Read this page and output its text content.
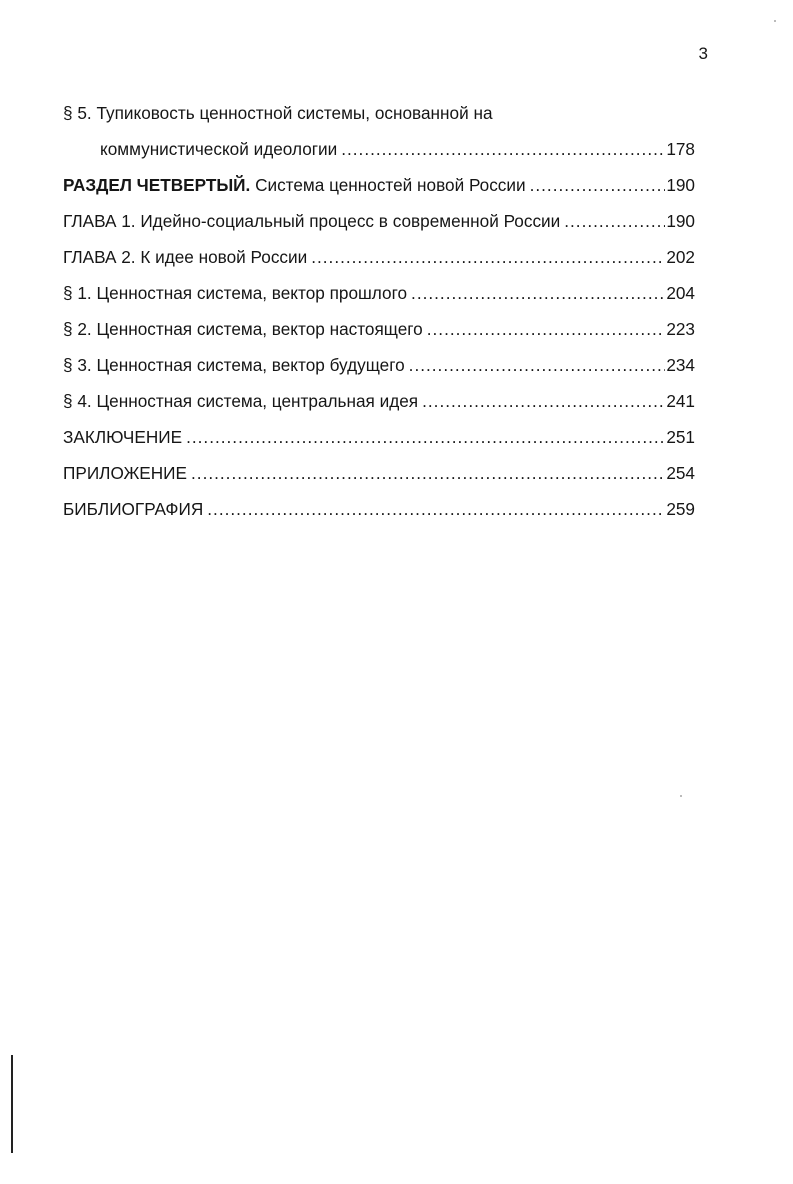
3
§ 5. Тупиковость ценностной системы, основанной на
коммунистической идеологии .....	178
РАЗДЕЛ ЧЕТВЕРТЫЙ. Система ценностей новой России .....	190
ГЛАВА 1. Идейно-социальный процесс в современной России .....	190
ГЛАВА 2. К идее новой России .....	202
§ 1. Ценностная система, вектор прошлого .....	204
§ 2. Ценностная система, вектор настоящего .....	223
§ 3. Ценностная система, вектор будущего .....	234
§ 4. Ценностная система, центральная идея .....	241
ЗАКЛЮЧЕНИЕ .....	251
ПРИЛОЖЕНИЕ .....	254
БИБЛИОГРАФИЯ .....	259
